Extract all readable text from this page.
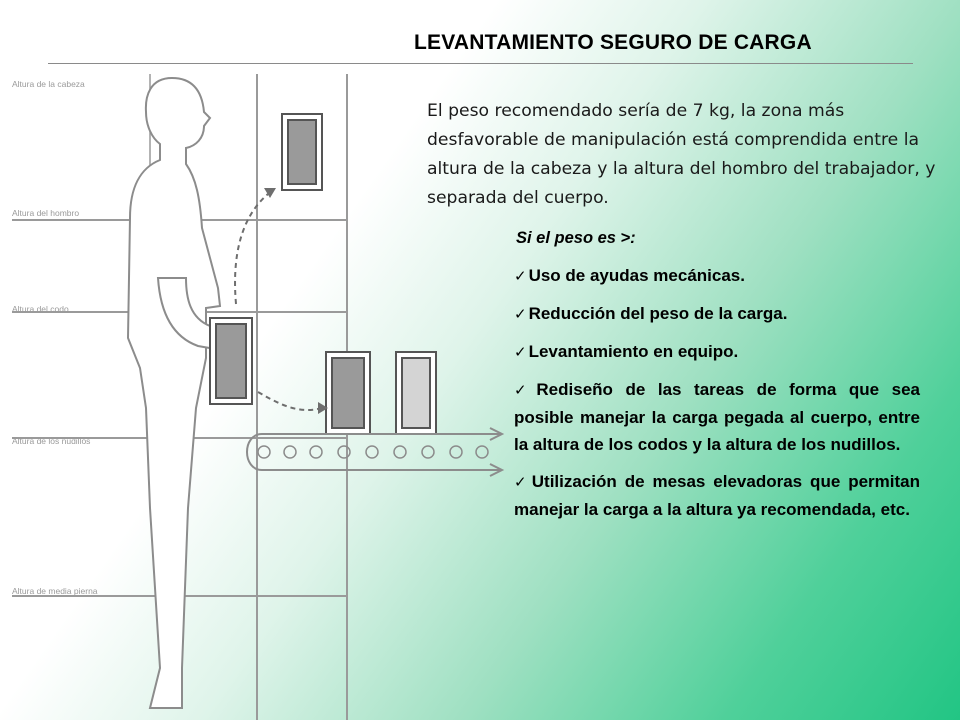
LEVANTAMIENTO SEGURO DE CARGA
Altura de la cabeza
Altura del hombro
Altura del codo
Altura de los nudillos
Altura de media pierna

El peso recomendado sería de 7 kg, la zona más desfavorable de manipulación está comprendida entre la altura de la cabeza y la altura del hombro del trabajador, y separada del cuerpo.

Si el peso es >:
✓ Uso de ayudas mecánicas.
✓ Reducción del peso de la carga.
✓ Levantamiento en equipo.
✓ Rediseño de las tareas de forma que sea posible manejar la carga pegada al cuerpo, entre la altura de los codos y la altura de los nudillos.
✓ Utilización de mesas elevadoras que permitan manejar la carga a la altura ya recomendada, etc.
